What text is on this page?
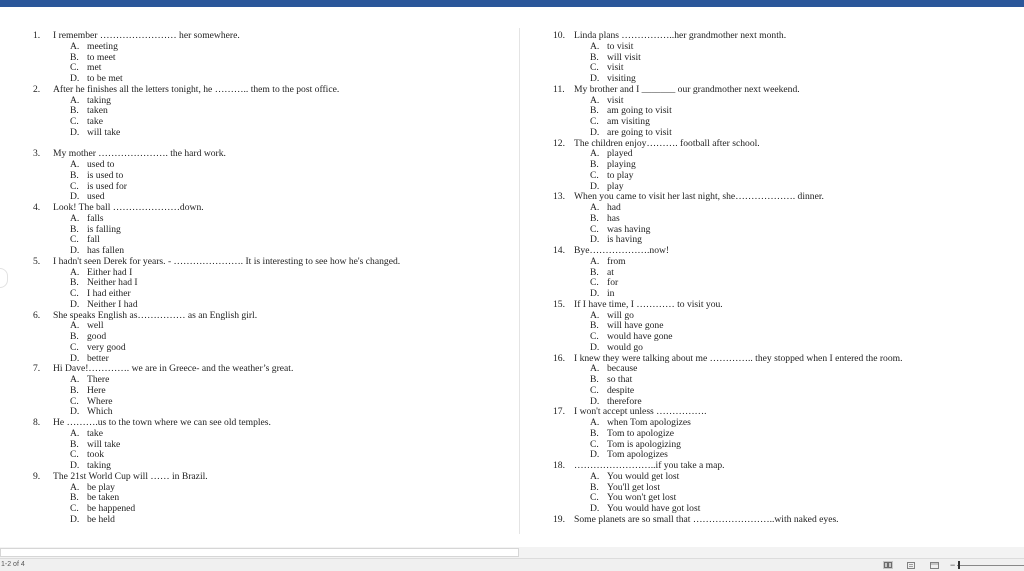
1.	I remember …………………… her somewhere.
A. meeting
B. to meet
C. met
D. to be met
2.	After he finishes all the letters tonight, he ……….. them to the post office.
A. taking
B. taken
C. take
D. will take
3.	My mother …………………. the hard work.
A. used to
B. is used to
C. is used for
D. used
4.	Look! The ball …………………down.
A. falls
B. is falling
C. fall
D. has fallen
5.	I hadn't seen Derek for years. - …………………. It is interesting to see how he's changed.
A. Either had I
B. Neither had I
C. I had either
D. Neither I had
6.	She speaks English as…………… as an English girl.
A. well
B. good
C. very good
D. better
7.	Hi Dave!…………. we are in Greece- and the weather’s great.
A. There
B. Here
C. Where
D. Which
8.	He ……….us to the town where we can see old temples.
A. take
B. will take
C. took
D. taking
9.	The 21st World Cup will …… in Brazil.
A. be play
B. be taken
C. be happened
D. be held
10. Linda plans ……………..her grandmother next month.
A. to visit
B. will visit
C. visit
D. visiting
11. My brother and I _______ our grandmother next weekend.
A. visit
B. am going to visit
C. am visiting
D. are going to visit
12. The children enjoy………. football after school.
A. played
B. playing
C. to play
D. play
13. When you came to visit her last night, she………………. dinner.
A. had
B. has
C. was having
D. is having
14. Bye……………….now!
A. from
B. at
C. for
D. in
15. If I have time, I ………… to visit you.
A. will go
B. will have gone
C. would have gone
D. would go
16. I knew they were talking about me ………….. they stopped when I entered the room.
A. because
B. so that
C. despite
D. therefore
17. I won't accept unless …………….
A. when Tom apologizes
B. Tom to apologize
C. Tom is apologizing
D. Tom apologizes
18. ……………………..if you take a map.
A. You would get lost
B. You'll get lost
C. You won't get lost
D. You would have got lost
19. Some planets are so small that ……………………..with naked eyes.
1-2 of 4	−
